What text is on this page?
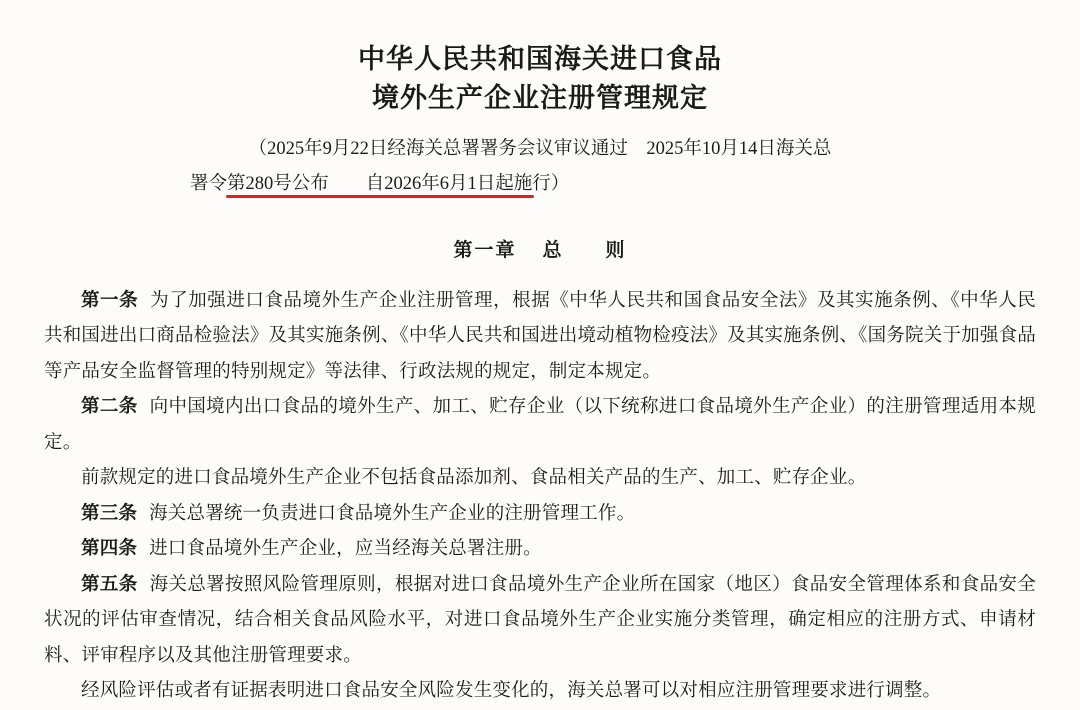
中华人民共和国海关进口食品
境外生产企业注册管理规定
（2025年9月22日经海关总署署务会议审议通过　2025年10月14日海关总
署令第280号公布　　自2026年6月1日起施行）
第一章 总　　则

第一条 为了加强进口食品境外生产企业注册管理，根据《中华人民共和国食品安全法》及其实施条例、《中华人民共和国进出口商品检验法》及其实施条例、《中华人民共和国进出境动植物检疫法》及其实施条例、《国务院关于加强食品等产品安全监督管理的特别规定》等法律、行政法规的规定，制定本规定。

第二条 向中国境内出口食品的境外生产、加工、贮存企业（以下统称进口食品境外生产企业）的注册管理适用本规定。

前款规定的进口食品境外生产企业不包括食品添加剂、食品相关产品的生产、加工、贮存企业。

第三条 海关总署统一负责进口食品境外生产企业的注册管理工作。

第四条 进口食品境外生产企业，应当经海关总署注册。

第五条 海关总署按照风险管理原则，根据对进口食品境外生产企业所在国家（地区）食品安全管理体系和食品安全状况的评估审查情况，结合相关食品风险水平，对进口食品境外生产企业实施分类管理，确定相应的注册方式、申请材料、评审程序以及其他注册管理要求。

经风险评估或者有证据表明进口食品安全风险发生变化的，海关总署可以对相应注册管理要求进行调整。
